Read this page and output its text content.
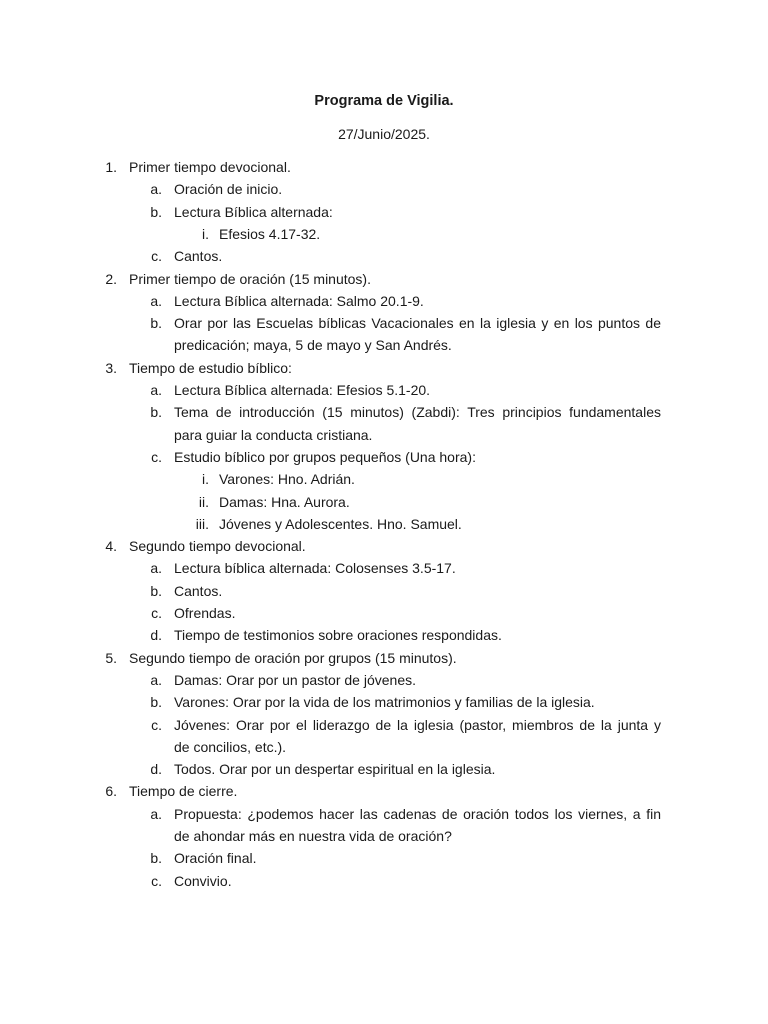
Programa de Vigilia.
27/Junio/2025.
1. Primer tiempo devocional.
a. Oración de inicio.
b. Lectura Bíblica alternada:
i. Efesios 4.17-32.
c. Cantos.
2. Primer tiempo de oración (15 minutos).
a. Lectura Bíblica alternada: Salmo 20.1-9.
b. Orar por las Escuelas bíblicas Vacacionales en la iglesia y en los puntos de
predicación; maya, 5 de mayo y San Andrés.
3. Tiempo de estudio bíblico:
a. Lectura Bíblica alternada: Efesios 5.1-20.
b. Tema de introducción (15 minutos) (Zabdi): Tres principios fundamentales
para guiar la conducta cristiana.
c. Estudio bíblico por grupos pequeños (Una hora):
i. Varones: Hno. Adrián.
ii. Damas: Hna. Aurora.
iii. Jóvenes y Adolescentes. Hno. Samuel.
4. Segundo tiempo devocional.
a. Lectura bíblica alternada: Colosenses 3.5-17.
b. Cantos.
c. Ofrendas.
d. Tiempo de testimonios sobre oraciones respondidas.
5. Segundo tiempo de oración por grupos (15 minutos).
a. Damas: Orar por un pastor de jóvenes.
b. Varones: Orar por la vida de los matrimonios y familias de la iglesia.
c. Jóvenes: Orar por el liderazgo de la iglesia (pastor, miembros de la junta y
de concilios, etc.).
d. Todos. Orar por un despertar espiritual en la iglesia.
6. Tiempo de cierre.
a. Propuesta: ¿podemos hacer las cadenas de oración todos los viernes, a fin
de ahondar más en nuestra vida de oración?
b. Oración final.
c. Convivio.
